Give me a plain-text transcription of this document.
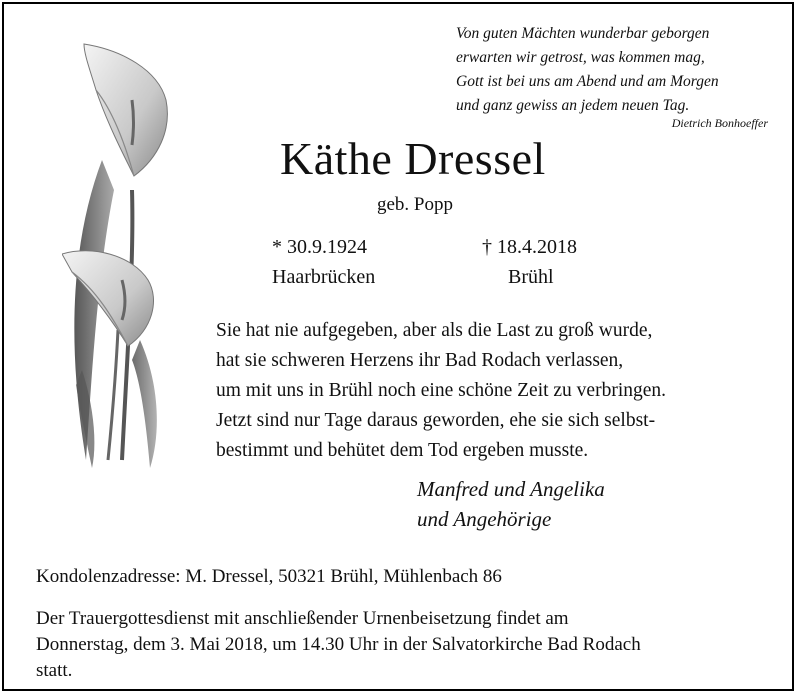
Von guten Mächten wunderbar geborgen
erwarten wir getrost, was kommen mag,
Gott ist bei uns am Abend und am Morgen
und ganz gewiss an jedem neuen Tag.
Dietrich Bonhoeffer
Käthe Dressel
geb. Popp
* 30.9.1924	† 18.4.2018
Haarbrücken	Brühl
Sie hat nie aufgegeben, aber als die Last zu groß wurde,
hat sie schweren Herzens ihr Bad Rodach verlassen,
um mit uns in Brühl noch eine schöne Zeit zu verbringen.
Jetzt sind nur Tage daraus geworden, ehe sie sich selbst-
bestimmt und behütet dem Tod ergeben musste.
Manfred und Angelika
und Angehörige
Kondolenzadresse: M. Dressel, 50321 Brühl, Mühlenbach 86
Der Trauergottesdienst mit anschließender Urnenbeisetzung findet am
Donnerstag, dem 3. Mai 2018, um 14.30 Uhr in der Salvatorkirche Bad Rodach
statt.
